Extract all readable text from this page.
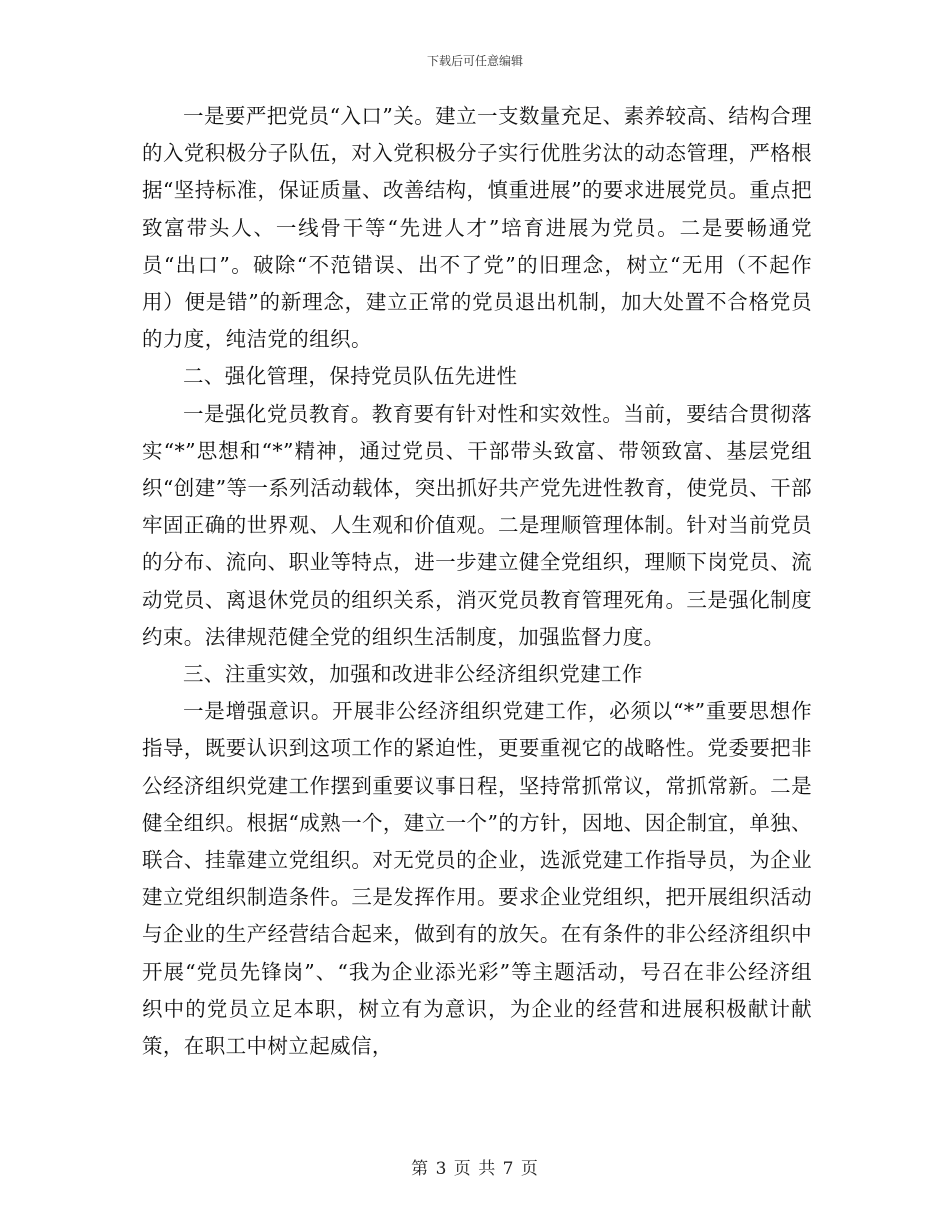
下载后可任意编辑

一是要严把党员“入口”关。建立一支数量充足、素养较高、结构合理的入党积极分子队伍，对入党积极分子实行优胜劣汰的动态管理，严格根据“坚持标准，保证质量、改善结构，慎重进展”的要求进展党员。重点把致富带头人、一线骨干等“先进人才”培育进展为党员。二是要畅通党员“出口”。破除“不范错误、出不了党”的旧理念，树立“无用（不起作用）便是错”的新理念，建立正常的党员退出机制，加大处置不合格党员的力度，纯洁党的组织。

二、强化管理，保持党员队伍先进性

一是强化党员教育。教育要有针对性和实效性。当前，要结合贯彻落实“*”思想和“*”精神，通过党员、干部带头致富、带领致富、基层党组织“创建”等一系列活动载体，突出抓好共产党先进性教育，使党员、干部牢固正确的世界观、人生观和价值观。二是理顺管理体制。针对当前党员的分布、流向、职业等特点，进一步建立健全党组织，理顺下岗党员、流动党员、离退休党员的组织关系，消灭党员教育管理死角。三是强化制度约束。法律规范健全党的组织生活制度，加强监督力度。

三、注重实效，加强和改进非公经济组织党建工作

一是增强意识。开展非公经济组织党建工作，必须以“*”重要思想作指导，既要认识到这项工作的紧迫性，更要重视它的战略性。党委要把非公经济组织党建工作摆到重要议事日程，坚持常抓常议，常抓常新。二是健全组织。根据“成熟一个，建立一个”的方针，因地、因企制宜，单独、联合、挂靠建立党组织。对无党员的企业，选派党建工作指导员，为企业建立党组织制造条件。三是发挥作用。要求企业党组织，把开展组织活动与企业的生产经营结合起来，做到有的放矢。在有条件的非公经济组织中开展“党员先锋岗”、“我为企业添光彩”等主题活动，号召在非公经济组织中的党员立足本职，树立有为意识，为企业的经营和进展积极献计献策，在职工中树立起威信，

第 3 页 共 7 页
